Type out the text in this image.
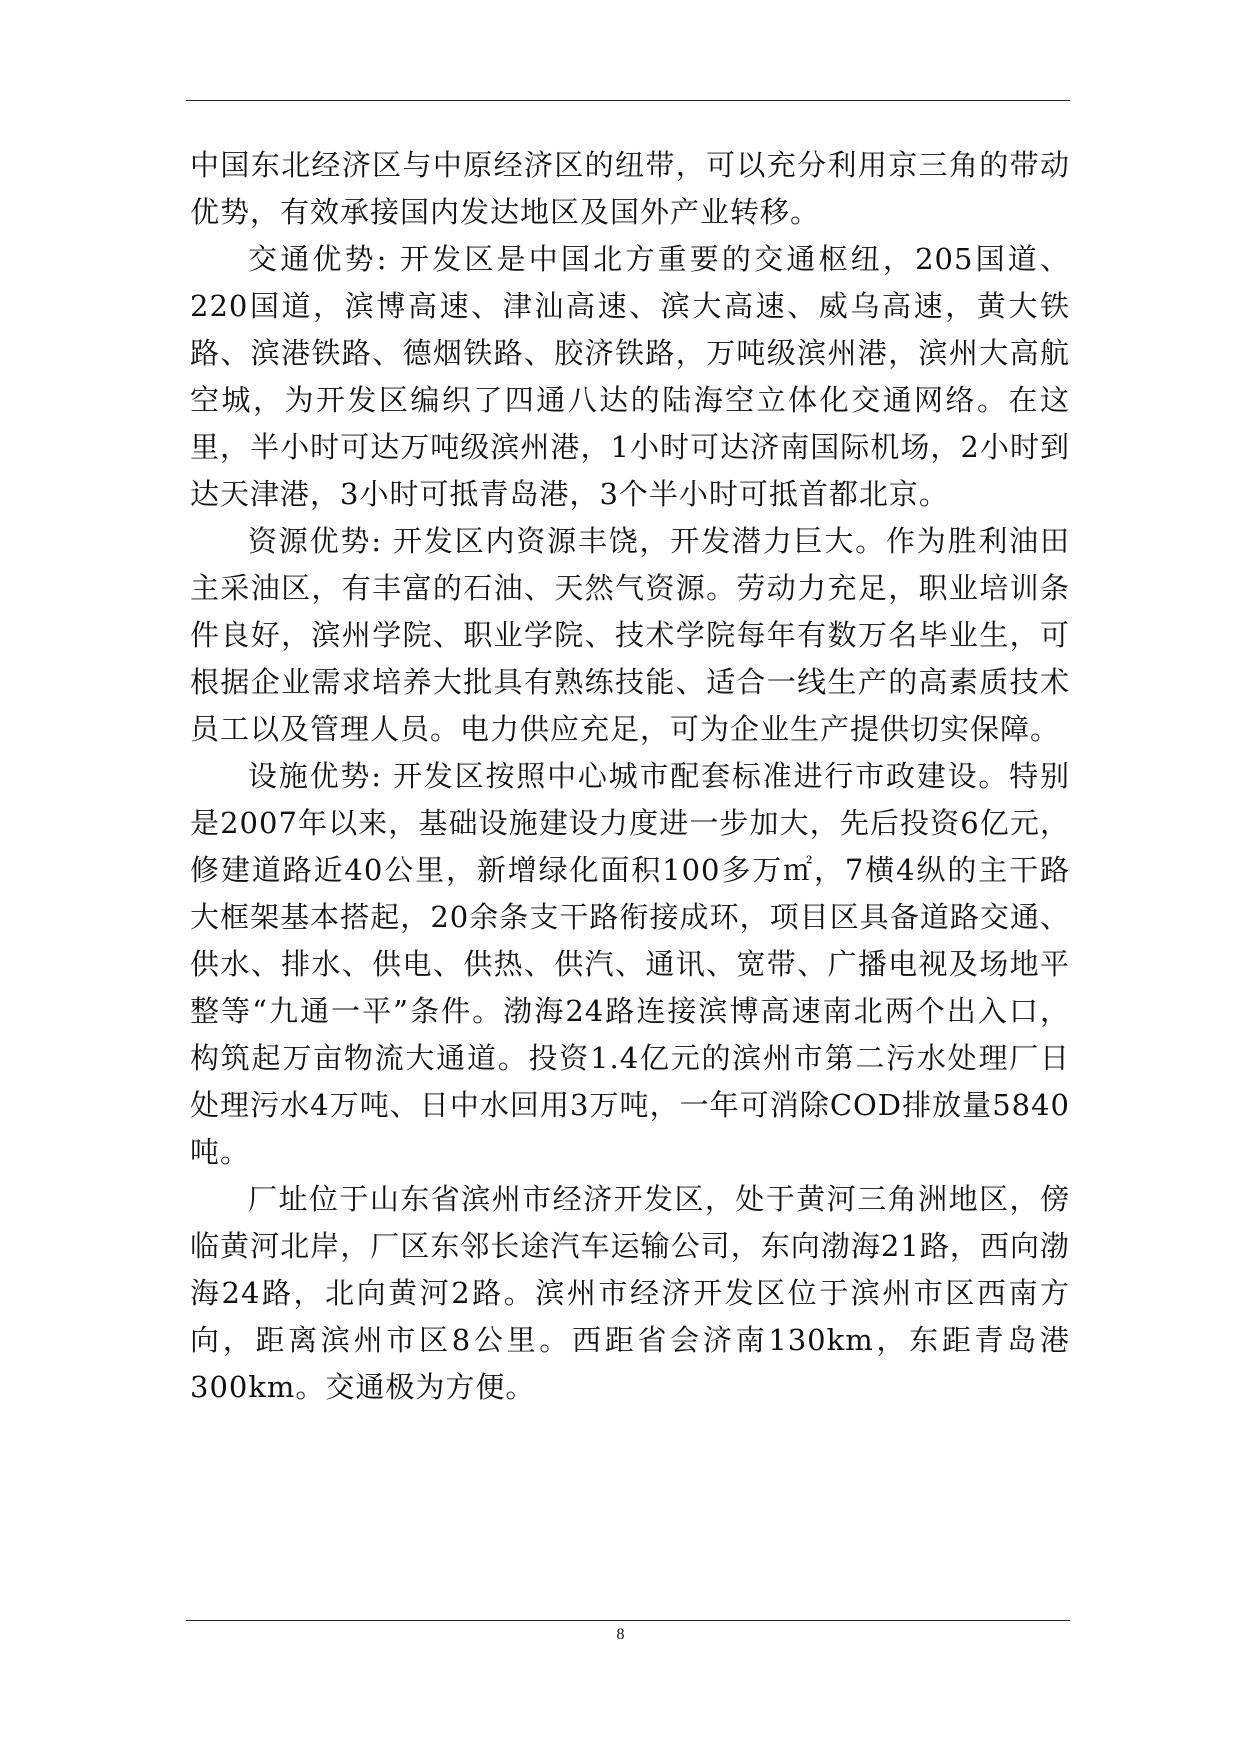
中国东北经济区与中原经济区的纽带，可以充分利用京三角的带动优势，有效承接国内发达地区及国外产业转移。

交通优势: 开发区是中国北方重要的交通枢纽，205国道、220国道，滨博高速、津汕高速、滨大高速、威乌高速，黄大铁路、滨港铁路、德烟铁路、胶济铁路，万吨级滨州港，滨州大高航空城，为开发区编织了四通八达的陆海空立体化交通网络。在这里，半小时可达万吨级滨州港，1小时可达济南国际机场，2小时到达天津港，3小时可抵青岛港，3个半小时可抵首都北京。

资源优势: 开发区内资源丰饶，开发潜力巨大。作为胜利油田主采油区，有丰富的石油、天然气资源。劳动力充足，职业培训条件良好，滨州学院、职业学院、技术学院每年有数万名毕业生，可根据企业需求培养大批具有熟练技能、适合一线生产的高素质技术员工以及管理人员。电力供应充足，可为企业生产提供切实保障。

设施优势: 开发区按照中心城市配套标准进行市政建设。特别是2007年以来，基础设施建设力度进一步加大，先后投资6亿元，修建道路近40公里，新增绿化面积100多万㎡，7横4纵的主干路大框架基本搭起，20余条支干路衔接成环，项目区具备道路交通、供水、排水、供电、供热、供汽、通讯、宽带、广播电视及场地平整等“九通一平”条件。渤海24路连接滨博高速南北两个出入口，构筑起万亩物流大通道。投资1.4亿元的滨州市第二污水处理厂日处理污水4万吨、日中水回用3万吨，一年可消除COD排放量5840吨。

厂址位于山东省滨州市经济开发区，处于黄河三角洲地区，傍临黄河北岸，厂区东邻长途汽车运输公司，东向渤海21路，西向渤海24路，北向黄河2路。滨州市经济开发区位于滨州市区西南方向，距离滨州市区8公里。西距省会济南130km，东距青岛港300km。交通极为方便。

8
